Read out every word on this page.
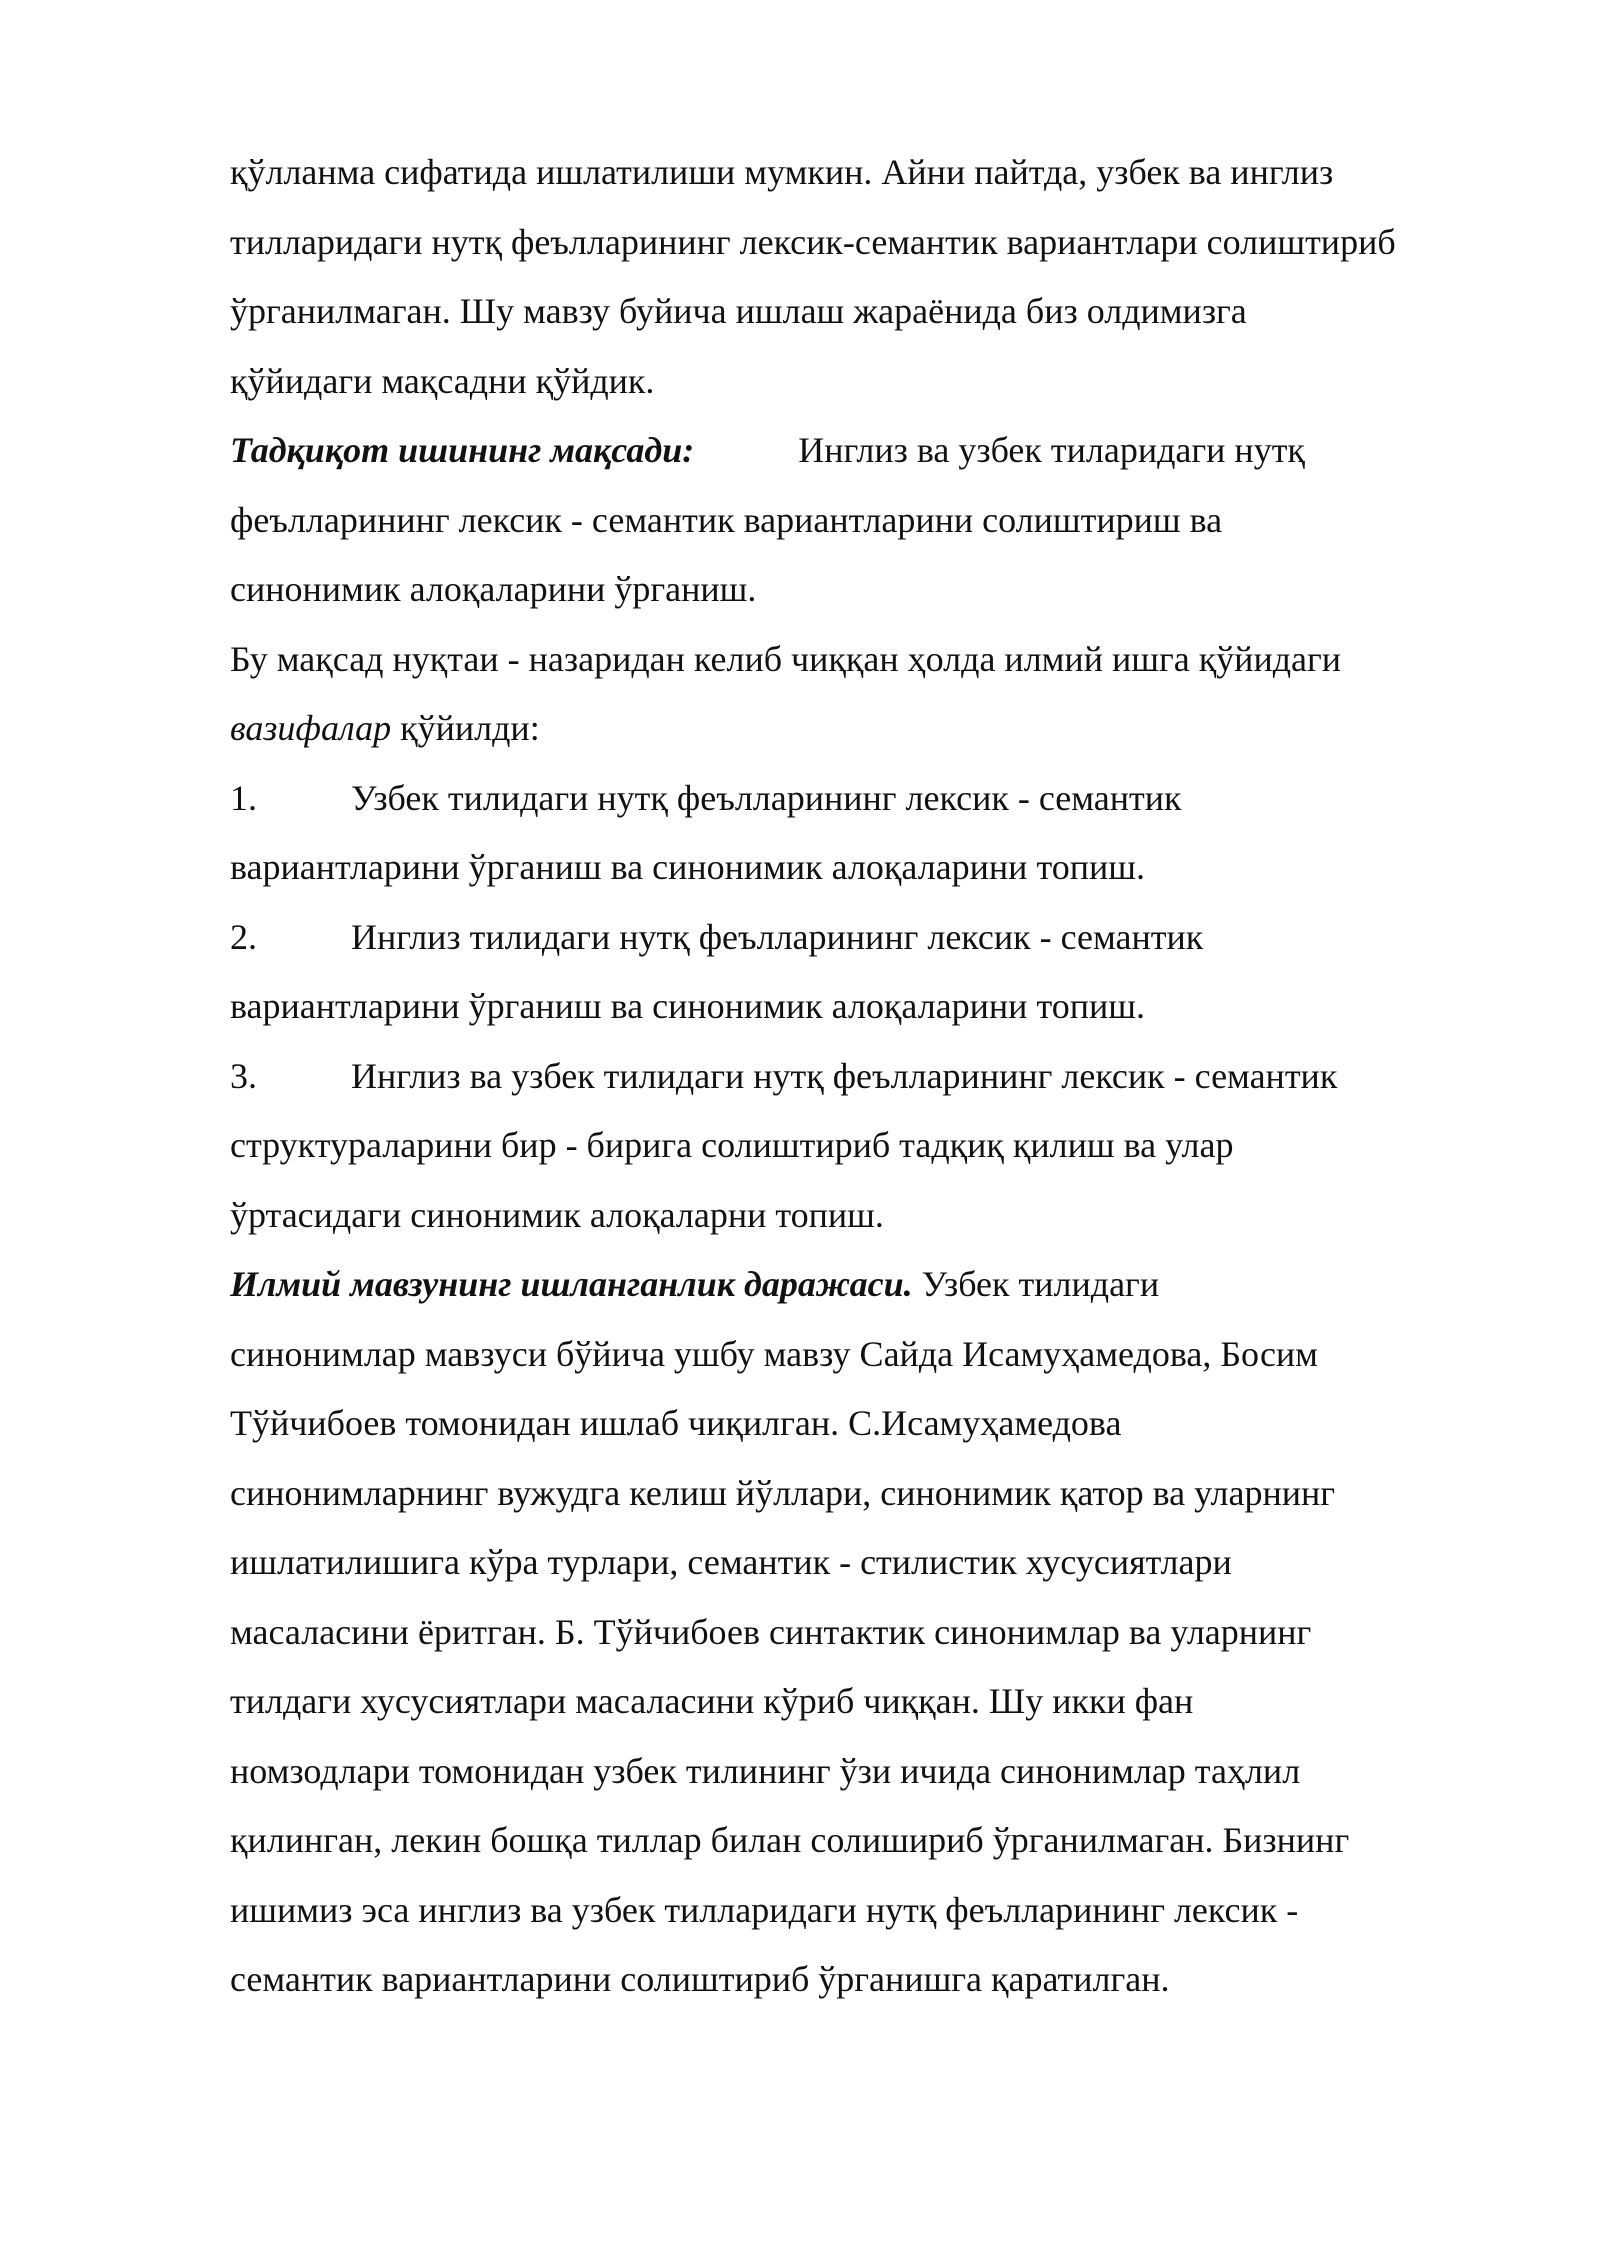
қўлланма сифатида ишлатилиши мумкин. Айни пайтда, узбек ва инглиз
тилларидаги нутқ феълларининг лексик-семантик вариантлари солиштириб
ўрганилмаган. Шу мавзу буйича ишлаш жараёнида биз олдимизга
қўйидаги мақсадни қўйдик.
Тадқиқот ишининг мақсади:	Инглиз ва узбек тиларидаги нутқ
феълларининг лексик - семантик вариантларини солиштириш ва
синонимик алоқаларини ўрганиш.
Бу мақсад нуқтаи - назаридан келиб чиққан ҳолда илмий ишга қўйидаги
вазифалар қўйилди:
1.	Узбек тилидаги нутқ феълларининг лексик - семантик
вариантларини ўрганиш ва синонимик алоқаларини топиш.
2.	Инглиз тилидаги нутқ феълларининг лексик - семантик
вариантларини ўрганиш ва синонимик алоқаларини топиш.
3.	Инглиз ва узбек тилидаги нутқ феълларининг лексик - семантик
структураларини бир - бирига солиштириб тадқиқ қилиш ва улар
ўртасидаги синонимик алоқаларни топиш.
Илмий мавзунинг ишланганлик даражаси. Узбек тилидаги
синонимлар мавзуси бўйича ушбу мавзу Сайда Исамуҳамедова, Босим
Тўйчибоев томонидан ишлаб чиқилган. С.Исамуҳамедова
синонимларнинг вужудга келиш йўллари, синонимик қатор ва уларнинг
ишлатилишига кўра турлари, семантик - стилистик хусусиятлари
масаласини ёритган. Б. Тўйчибоев синтактик синонимлар ва уларнинг
тилдаги хусусиятлари масаласини кўриб чиққан. Шу икки фан
номзодлари томонидан узбек тилининг ўзи ичида синонимлар таҳлил
қилинган, лекин бошқа тиллар билан солишириб ўрганилмаган. Бизнинг
ишимиз эса инглиз ва узбек тилларидаги нутқ феълларининг лексик -
семантик вариантларини солиштириб ўрганишга қаратилган.
